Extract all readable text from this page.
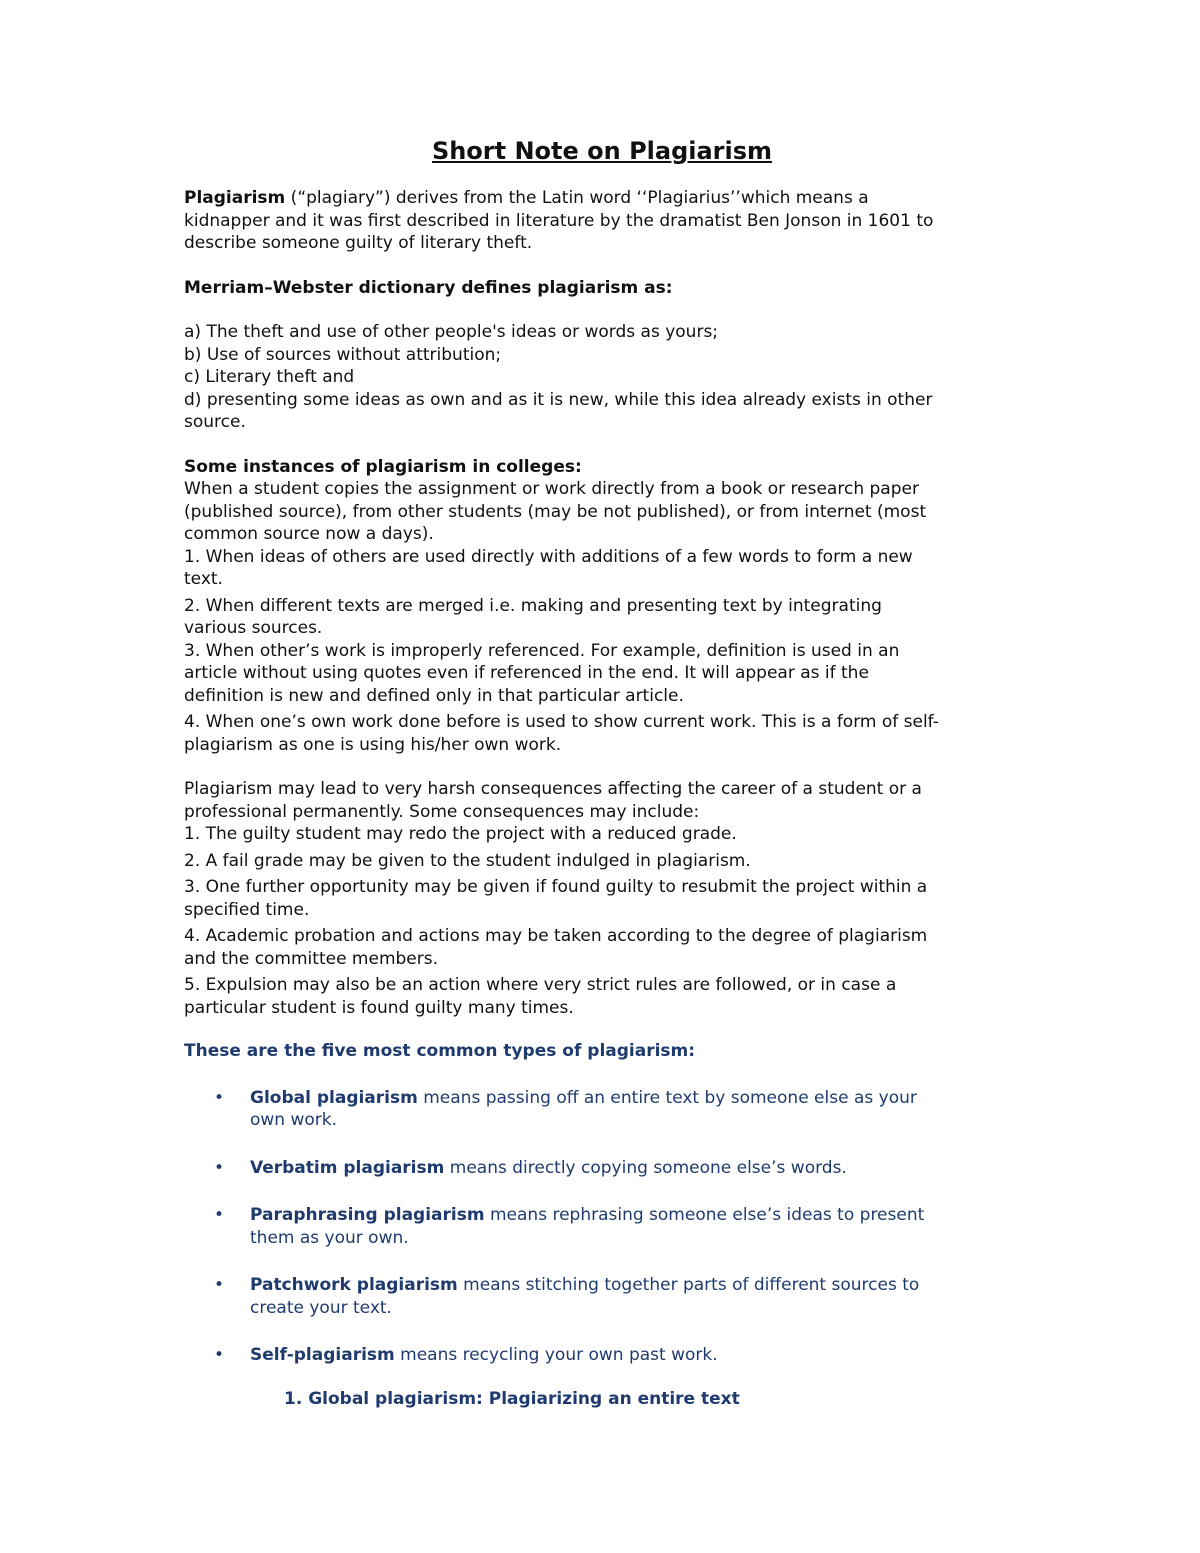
Short Note on Plagiarism

Plagiarism (“plagiary”) derives from the Latin word ‘‘Plagiarius’’which means a
kidnapper and it was first described in literature by the dramatist Ben Jonson in 1601 to
describe someone guilty of literary theft.

Merriam–Webster dictionary defines plagiarism as:

a) The theft and use of other people's ideas or words as yours;
b) Use of sources without attribution;
c) Literary theft and
d) presenting some ideas as own and as it is new, while this idea already exists in other
source.

Some instances of plagiarism in colleges:

When a student copies the assignment or work directly from a book or research paper
(published source), from other students (may be not published), or from internet (most
common source now a days).

1. When ideas of others are used directly with additions of a few words to form a new
text.

2. When different texts are merged i.e. making and presenting text by integrating
various sources.

3. When other’s work is improperly referenced. For example, definition is used in an
article without using quotes even if referenced in the end. It will appear as if the
definition is new and defined only in that particular article.

4. When one’s own work done before is used to show current work. This is a form of self-
plagiarism as one is using his/her own work.

Plagiarism may lead to very harsh consequences affecting the career of a student or a
professional permanently. Some consequences may include:

1. The guilty student may redo the project with a reduced grade.

2. A fail grade may be given to the student indulged in plagiarism.

3. One further opportunity may be given if found guilty to resubmit the project within a
specified time.

4. Academic probation and actions may be taken according to the degree of plagiarism
and the committee members.

5. Expulsion may also be an action where very strict rules are followed, or in case a
particular student is found guilty many times.

These are the five most common types of plagiarism:

• Global plagiarism means passing off an entire text by someone else as your
own work.
• Verbatim plagiarism means directly copying someone else’s words.
• Paraphrasing plagiarism means rephrasing someone else’s ideas to present
them as your own.
• Patchwork plagiarism means stitching together parts of different sources to
create your text.
• Self-plagiarism means recycling your own past work.

1. Global plagiarism: Plagiarizing an entire text
